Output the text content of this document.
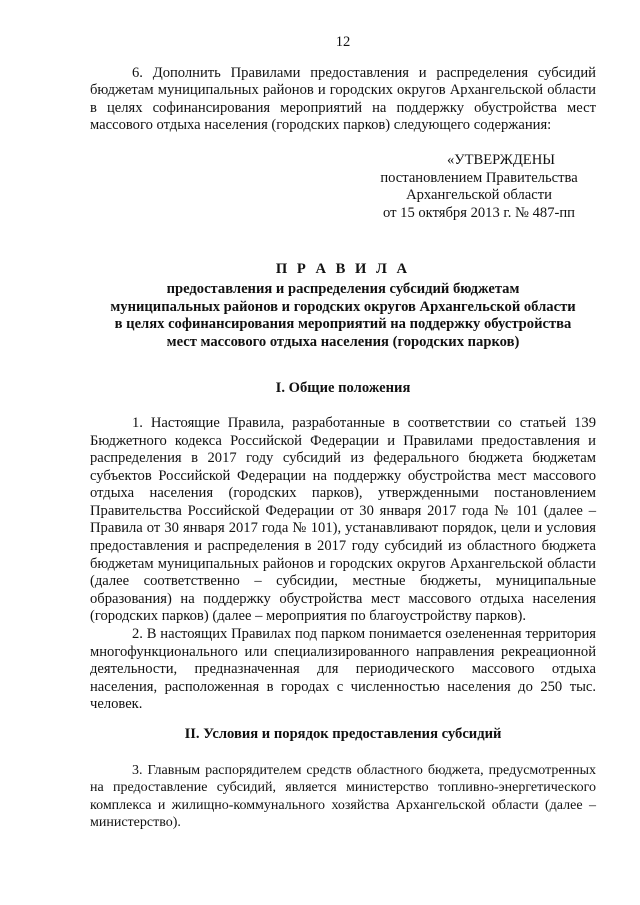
12

6. Дополнить Правилами предоставления и распределения субсидий бюджетам муниципальных районов и городских округов Архангельской области в целях софинансирования мероприятий на поддержку обустройства мест массового отдыха населения (городских парков) следующего содержания:

«УТВЕРЖДЕНЫ
постановлением Правительства
Архангельской области
от 15 октября 2013 г. № 487-пп
П Р А В И Л А
предоставления и распределения субсидий бюджетам
муниципальных районов и городских округов Архангельской области
в целях софинансирования мероприятий на поддержку обустройства
мест массового отдыха населения (городских парков)
I. Общие положения

1. Настоящие Правила, разработанные в соответствии со статьей 139 Бюджетного кодекса Российской Федерации и Правилами предоставления и распределения в 2017 году субсидий из федерального бюджета бюджетам субъектов Российской Федерации на поддержку обустройства мест массового отдыха населения (городских парков), утвержденными постановлением Правительства Российской Федерации от 30 января 2017 года № 101 (далее – Правила от 30 января 2017 года № 101), устанавливают порядок, цели и условия предоставления и распределения в 2017 году субсидий из областного бюджета бюджетам муниципальных районов и городских округов Архангельской области (далее соответственно – субсидии, местные бюджеты, муниципальные образования) на поддержку обустройства мест массового отдыха населения (городских парков) (далее – мероприятия по благоустройству парков).

2. В настоящих Правилах под парком понимается озелененная территория многофункционального или специализированного направления рекреационной деятельности, предназначенная для периодического массового отдыха населения, расположенная в городах с численностью населения до 250 тыс. человек.

II. Условия и порядок предоставления субсидий

3. Главным распорядителем средств областного бюджета, предусмотренных на предоставление субсидий, является министерство топливно-энергетического комплекса и жилищно-коммунального хозяйства Архангельской области (далее – министерство).
